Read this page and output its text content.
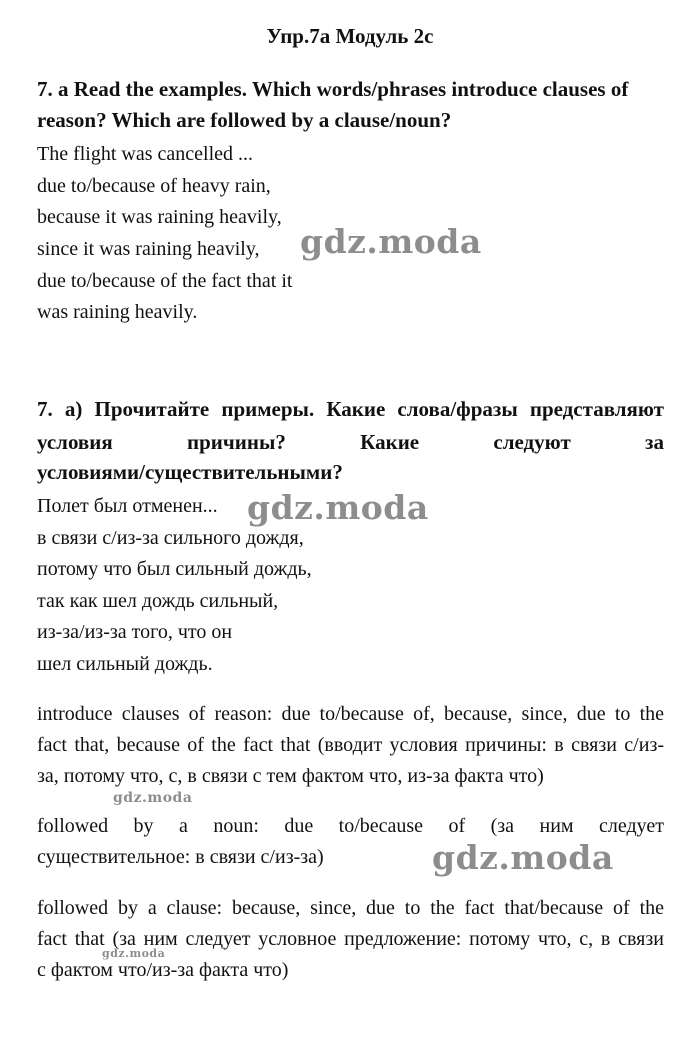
Упр.7a Модуль 2c
7. a Read the examples. Which words/phrases introduce clauses of
reason? Which are followed by a clause/noun?
The flight was cancelled ...
due to/because of heavy rain,
because it was raining heavily,
since it was raining heavily,
due to/because of the fact that it
was raining heavily.
7. а) Прочитайте примеры. Какие слова/фразы представляют
условия	причины?	Какие	следуют	за
условиями/существительными?
Полет был отменен...
в связи с/из-за сильного дождя,
потому что был сильный дождь,
так как шел дождь сильный,
из-за/из-за того, что он
шел сильный дождь.
introduce clauses of reason: due to/because of, because, since, due to the
fact that, because of the fact that (вводит условия причины: в связи с/из-
за, потому что, с, в связи с тем фактом что, из-за факта что)
followed by a noun: due to/because of (за ним следует
существительное: в связи с/из-за)
followed by a clause: because, since, due to the fact that/because of the
fact that (за ним следует условное предложение: потому что, с, в связи
с фактом что/из-за факта что)
gdz.moda
gdz.moda
gdz.moda
gdz.moda
gdz.moda
